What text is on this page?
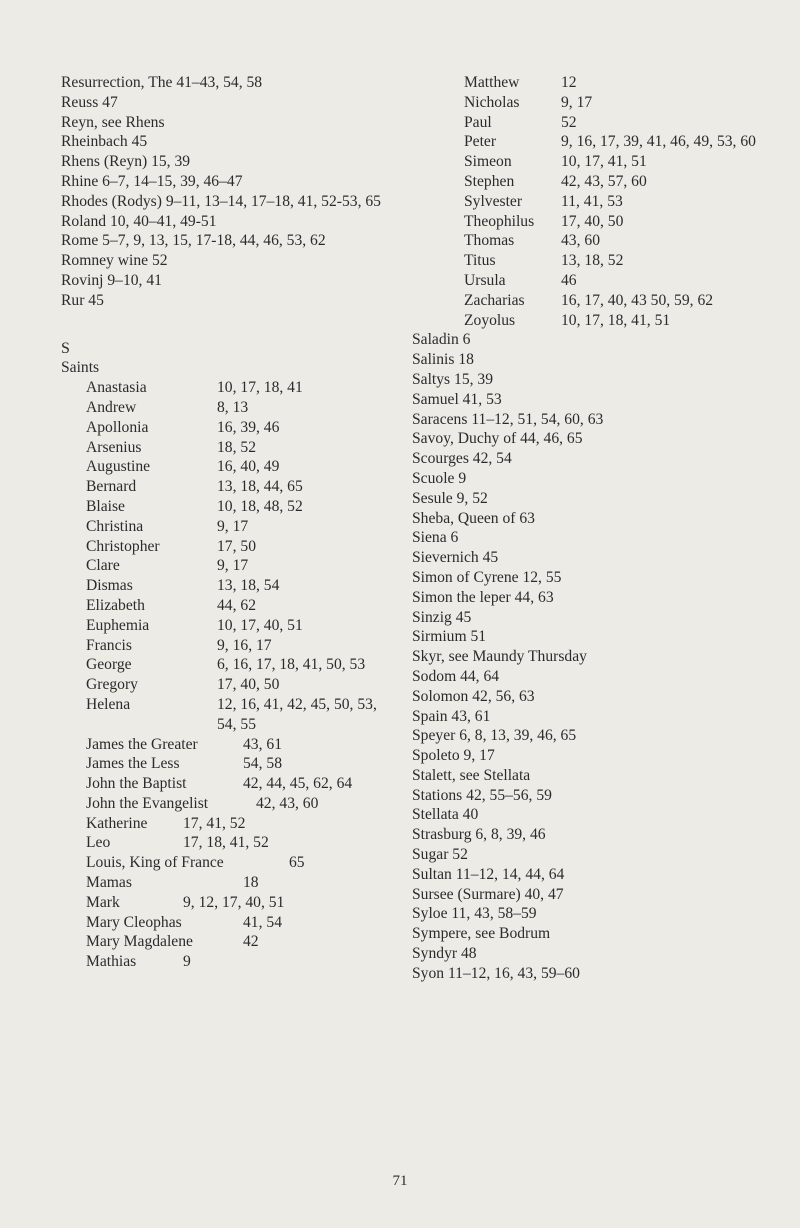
Resurrection, The 41–43, 54, 58
Reuss 47
Reyn, see Rhens
Rheinbach 45
Rhens (Reyn) 15, 39
Rhine 6–7, 14–15, 39, 46–47
Rhodes (Rodys) 9–11, 13–14, 17–18, 41, 52-53, 65
Roland 10, 40–41, 49-51
Rome 5–7, 9, 13, 15, 17-18, 44, 46, 53, 62
Romney wine 52
Rovinj 9–10, 41
Rur 45
S
Saints
Anastasia	10, 17, 18, 41
Andrew	8, 13
Apollonia	16, 39, 46
Arsenius	18, 52
Augustine	16, 40, 49
Bernard	13, 18, 44, 65
Blaise	10, 18, 48, 52
Christina	9, 17
Christopher	17, 50
Clare	9, 17
Dismas	13, 18, 54
Elizabeth	44, 62
Euphemia	10, 17, 40, 51
Francis	9, 16, 17
George	6, 16, 17, 18, 41, 50, 53
Gregory	17, 40, 50
Helena	12, 16, 41, 42, 45, 50, 53, 54, 55
James the Greater	43, 61
James the Less	54, 58
John the Baptist	42, 44, 45, 62, 64
John the Evangelist	42, 43, 60
Katherine	17, 41, 52
Leo	17, 18, 41, 52
Louis, King of France	65
Mamas	18
Mark	9, 12, 17, 40, 51
Mary Cleophas	41, 54
Mary Magdalene	42
Mathias	9
Matthew	12
Nicholas	9, 17
Paul	52
Peter	9, 16, 17, 39, 41, 46, 49, 53, 60
Simeon	10, 17, 41, 51
Stephen	42, 43, 57, 60
Sylvester	11, 41, 53
Theophilus	17, 40, 50
Thomas	43, 60
Titus	13, 18, 52
Ursula	46
Zacharias	16, 17, 40, 43 50, 59, 62
Zoyolus	10, 17, 18, 41, 51
Saladin 6
Salinis 18
Saltys 15, 39
Samuel 41, 53
Saracens 11–12, 51, 54, 60, 63
Savoy, Duchy of 44, 46, 65
Scourges 42, 54
Scuole 9
Sesule 9, 52
Sheba, Queen of 63
Siena 6
Sievernich 45
Simon of Cyrene 12, 55
Simon the leper 44, 63
Sinzig 45
Sirmium 51
Skyr, see Maundy Thursday
Sodom 44, 64
Solomon 42, 56, 63
Spain 43, 61
Speyer 6, 8, 13, 39, 46, 65
Spoleto 9, 17
Stalett, see Stellata
Stations 42, 55–56, 59
Stellata 40
Strasburg 6, 8, 39, 46
Sugar 52
Sultan 11–12, 14, 44, 64
Sursee (Surmare) 40, 47
Syloe 11, 43, 58–59
Sympere, see Bodrum
Syndyr 48
Syon 11–12, 16, 43, 59–60
71
